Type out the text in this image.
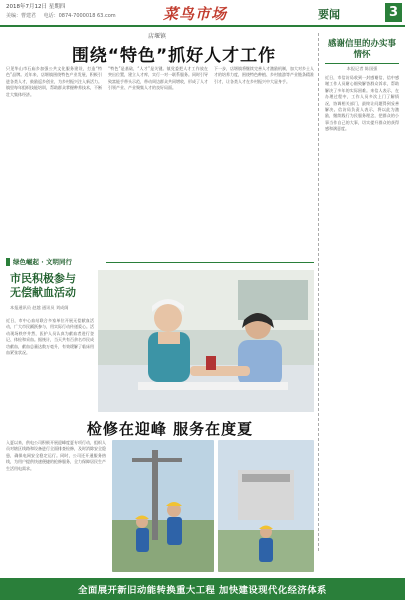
2018年7月12日 星期四
美编：曹建君 电话：0874-7000018 63.com	菜鸟市场	要闻	3
店堰镇
围绕“特色”抓好人才工作
只见华山市石庙乡加强公共文化服务建设，打造“特色”品牌。近年来，店堰镇围绕特色产业发展，积极引进各类人才，鼓励返乡创业，为乡村振兴注入新活力。镇里每年组织技能培训，帮助群众掌握种养技术，不断壮大集体经济。
“特色”是基础，“人才”是关键。镇党委把人才工作放在突出位置，建立人才库，实行一对一联系服务。同时引导致富能手带头示范，带动周边群众共同增收，形成了人才引领产业、产业聚集人才的良好局面。
下一步，店堰镇将继续完善人才激励机制，加大对乡土人才的培养力度，围绕特色种植、乡村旅游等产业链条精准引才，让各类人才在乡村振兴中大显身手。
感谢信里的办实事情怀
本报记者 陈国强
近日，市信访局收到一封感谢信，信中感谢工作人员耐心细致解答群众诉求，帮助解决了多年的实际困难。来信人表示，在办理过程中，工作人员多次上门了解情况，协调相关部门，最终让问题得到妥善解决。信访局负责人表示，将以此为激励，继续践行为民服务理念，把群众的小事当作自己的大事，切实提升群众的获得感和满意度。
绿色崛起 · 文明同行
市民积极参与无偿献血活动
本报通讯员 赵越 通讯员 刘成阁
近日，市中心血站联合多家单位开展无偿献血活动，广大市民踊跃参与，用实际行动传递爱心。活动现场秩序井然，医护人员认真为献血者进行登记、体检和采血。据统计，当天共有百余名市民成功献血，献血总量达数万毫升，有效缓解了临床用血紧张状况。
检修在迎峰 服务在度夏
入夏以来，供电公司积极开展迎峰度夏专项行动，组织人员对辖区线路和设备进行全面排查检修，及时消除安全隐患，确保电网安全稳定运行。同时，公司还开通服务热线，为用户提供快速便捷的抢修服务，全力保障居民生产生活用电需求。
全面展开新旧动能转换重大工程 加快建设现代化经济体系
